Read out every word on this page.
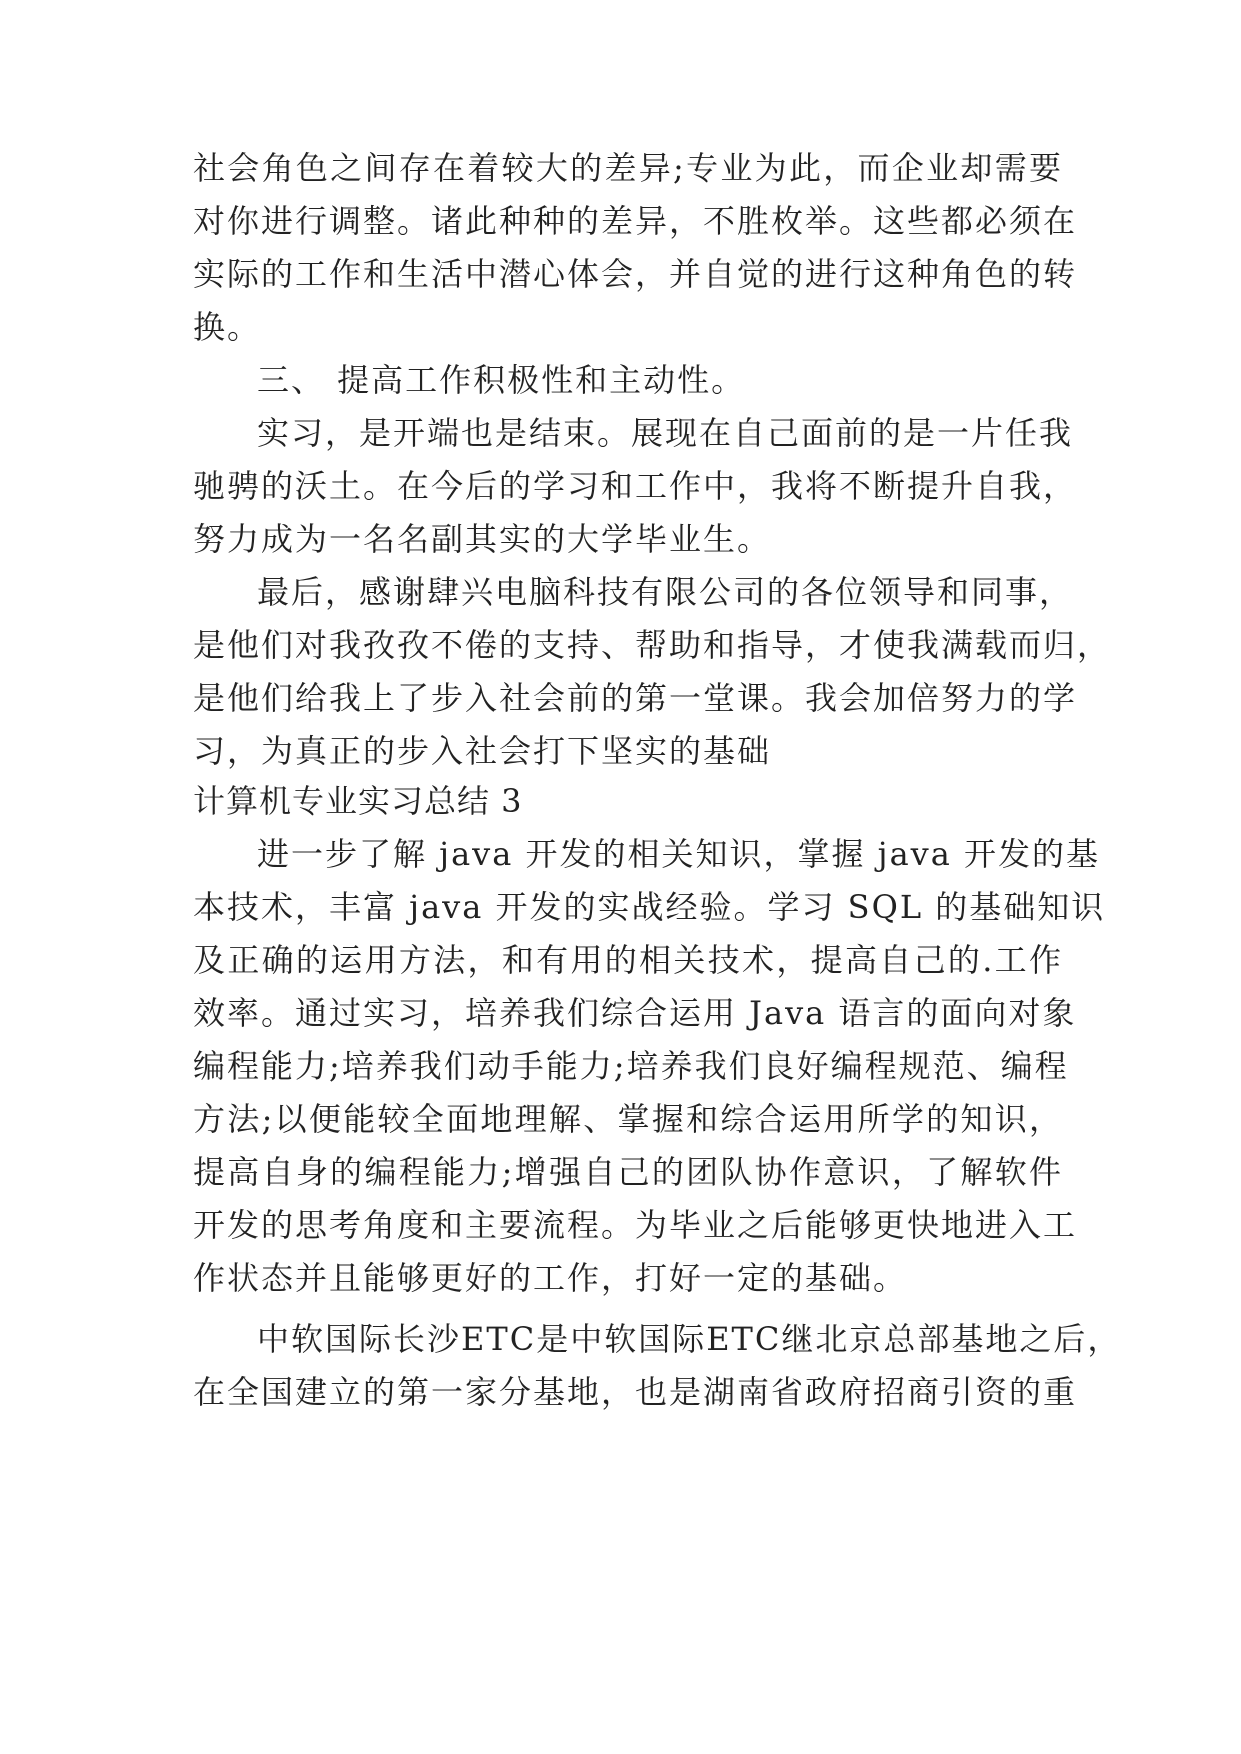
社会角色之间存在着较大的差异;专业为此，而企业却需要
对你进行调整。诸此种种的差异，不胜枚举。这些都必须在
实际的工作和生活中潜心体会，并自觉的进行这种角色的转
换。
三、 提高工作积极性和主动性。
实习，是开端也是结束。展现在自己面前的是一片任我
驰骋的沃土。在今后的学习和工作中，我将不断提升自我，
努力成为一名名副其实的大学毕业生。
最后，感谢肆兴电脑科技有限公司的各位领导和同事，
是他们对我孜孜不倦的支持、帮助和指导，才使我满载而归，
是他们给我上了步入社会前的第一堂课。我会加倍努力的学
习，为真正的步入社会打下坚实的基础
计算机专业实习总结 3
进一步了解 java 开发的相关知识，掌握 java 开发的基
本技术，丰富 java 开发的实战经验。学习 SQL 的基础知识
及正确的运用方法，和有用的相关技术，提高自己的.工作
效率。通过实习，培养我们综合运用 Java 语言的面向对象
编程能力;培养我们动手能力;培养我们良好编程规范、编程
方法;以便能较全面地理解、掌握和综合运用所学的知识，
提高自身的编程能力;增强自己的团队协作意识，了解软件
开发的思考角度和主要流程。为毕业之后能够更快地进入工
作状态并且能够更好的工作，打好一定的基础。
中软国际长沙ETC是中软国际ETC继北京总部基地之后，
在全国建立的第一家分基地，也是湖南省政府招商引资的重
